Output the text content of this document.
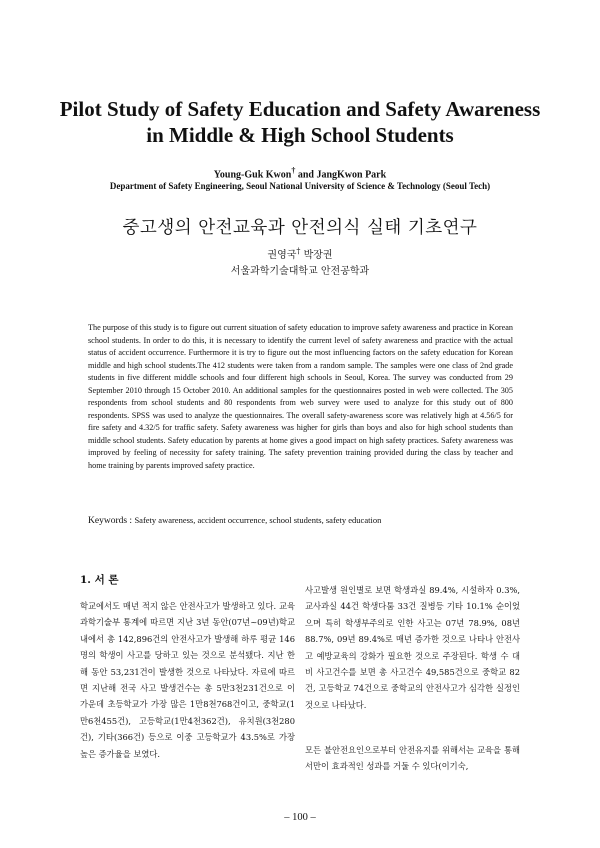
Pilot Study of Safety Education and Safety Awareness
in Middle & High School Students
Young-Guk Kwon† and JangKwon Park
Department of Safety Engineering, Seoul National University of Science & Technology (Seoul Tech)
중고생의 안전교육과 안전의식 실태 기초연구
권영국† 박장권
서울과학기술대학교 안전공학과

The purpose of this study is to figure out current situation of safety education to improve safety awareness and practice in Korean school students. In order to do this, it is necessary to identify the current level of safety awareness and practice with the actual status of accident occurrence. Furthermore it is try to figure out the most influencing factors on the safety education for Korean middle and high school students.The 412 students were taken from a random sample. The samples were one class of 2nd grade students in five different middle schools and four different high schools in Seoul, Korea. The survey was conducted from 29 September 2010 through 15 October 2010. An additional samples for the questionnaires posted in web were collected. The 305 respondents from school students and 80 respondents from web survey were used to analyze for this study out of 800 respondents. SPSS was used to analyze the questionnaires. The overall safety-awareness score was relatively high at 4.56/5 for fire safety and 4.32/5 for traffic safety. Safety awareness was higher for girls than boys and also for high school students than middle school students. Safety education by parents at home gives a good impact on high safety practices. Safety awareness was improved by feeling of necessity for safety training. The safety prevention training provided during the class by teacher and home training by parents improved safety practice.

Keywords : Safety awareness, accident occurrence, school students, safety education
1. 서 론

학교에서도 매년 적지 않은 안전사고가 발생하고 있다. 교육과학기술부 통계에 따르면 지난 3년 동안(07년~09년)학교 내에서 총 142,896건의 안전사고가 발생해 하루 평균 146명의 학생이 사고를 당하고 있는 것으로 분석됐다. 지난 한 해 동안 53,231건이 발생한 것으로 나타났다. 자료에 따르면 지난해 전국 사고 발생건수는 총 5만3천231건으로 이 가운데 초등학교가 가장 많은 1만8천768건이고, 중학교(1만6천455건), 고등학교(1만4천362건), 유치원(3천280건), 기타(366건) 등으로 이중 고등학교가 43.5%로 가장 높은 증가율을 보였다.

사고발생 원인별로 보면 학생과실 89.4%, 시설하자 0.3%, 교사과실 44건 학생다툼 33건 질병등 기타 10.1% 순이었으며 특히 학생부주의로 인한 사고는 07년 78.9%, 08년 88.7%, 09년 89.4%로 매년 증가한 것으로 나타나 안전사고 예방교육의 강화가 필요한 것으로 주장된다. 학생 수 대비 사고건수를 보면 총 사고건수 49,585건으로 중학교 82건, 고등학교 74건으로 중학교의 안전사고가 심각한 실정인 것으로 나타났다.

모든 불안전요인으로부터 안전유지를 위해서는 교육을 통해서만이 효과적인 성과를 거둘 수 있다(이기숙,

– 100 –
